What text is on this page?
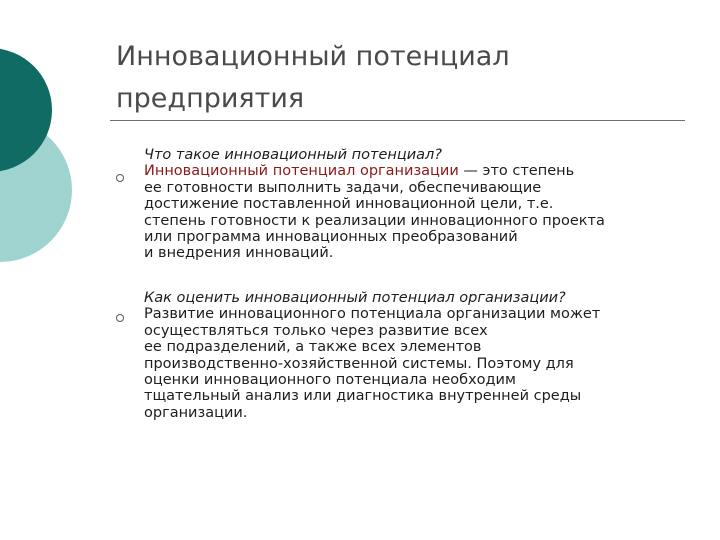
Инновационный потенциал
предприятия
Что такое инновационный потенциал?
Инновационный потенциал организации — это степень
ее готовности выполнить задачи, обеспечивающие
достижение поставленной инновационной цели, т.е.
степень готовности к реализации инновационного проекта
или программа инновационных преобразований
и внедрения инноваций.
Как оценить инновационный потенциал организации?
Развитие инновационного потенциала организации может
осуществляться только через развитие всех
ее подразделений, а также всех элементов
производственно-хозяйственной системы. Поэтому для
оценки инновационного потенциала необходим
тщательный анализ или диагностика внутренней среды
организации.
